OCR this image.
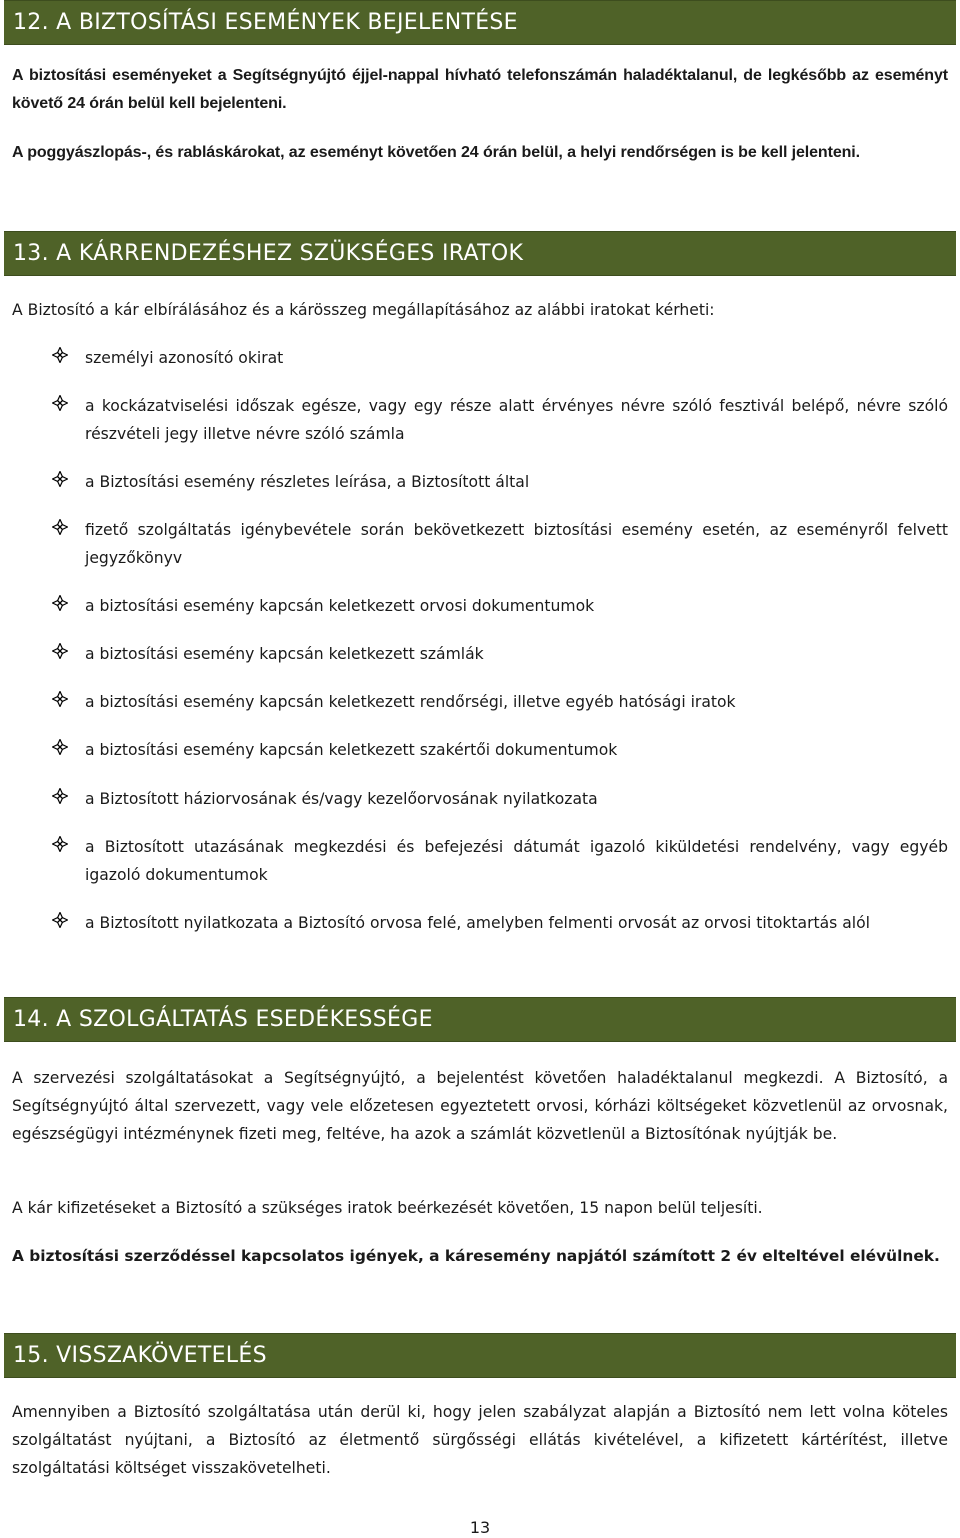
12. A BIZTOSÍTÁSI ESEMÉNYEK BEJELENTÉSE

A biztosítási eseményeket a Segítségnyújtó éjjel-nappal hívható telefonszámán haladéktalanul, de legkésőbb az eseményt követő 24 órán belül kell bejelenteni.

A poggyászlopás-, és rabláskárokat, az eseményt követően 24 órán belül, a helyi rendőrségen is be kell jelenteni.

13. A KÁRRENDEZÉSHEZ SZÜKSÉGES IRATOK

A Biztosító a kár elbírálásához és a kárösszeg megállapításához az alábbi iratokat kérheti:

személyi azonosító okirat

a kockázatviselési időszak egésze, vagy egy része alatt érvényes névre szóló fesztivál belépő, névre szóló részvételi jegy illetve névre szóló számla

a Biztosítási esemény részletes leírása, a Biztosított által

fizető szolgáltatás igénybevétele során bekövetkezett biztosítási esemény esetén, az eseményről felvett jegyzőkönyv

a biztosítási esemény kapcsán keletkezett orvosi dokumentumok

a biztosítási esemény kapcsán keletkezett számlák

a biztosítási esemény kapcsán keletkezett rendőrségi, illetve egyéb hatósági iratok

a biztosítási esemény kapcsán keletkezett szakértői dokumentumok

a Biztosított háziorvosának és/vagy kezelőorvosának nyilatkozata

a Biztosított utazásának megkezdési és befejezési dátumát igazoló kiküldetési rendelvény, vagy egyéb igazoló dokumentumok

a Biztosított nyilatkozata a Biztosító orvosa felé, amelyben felmenti orvosát az orvosi titoktartás alól

14. A SZOLGÁLTATÁS ESEDÉKESSÉGE

A szervezési szolgáltatásokat a Segítségnyújtó, a bejelentést követően haladéktalanul megkezdi. A Biztosító, a Segítségnyújtó által szervezett, vagy vele előzetesen egyeztetett orvosi, kórházi költségeket közvetlenül az orvosnak, egészségügyi intézménynek fizeti meg, feltéve, ha azok a számlát közvetlenül a Biztosítónak nyújtják be.

A kár kifizetéseket a Biztosító a szükséges iratok beérkezését követően, 15 napon belül teljesíti.

A biztosítási szerződéssel kapcsolatos igények, a káresemény napjától számított 2 év elteltével elévülnek.

15. VISSZAKÖVETELÉS

Amennyiben a Biztosító szolgáltatása után derül ki, hogy jelen szabályzat alapján a Biztosító nem lett volna köteles szolgáltatást nyújtani, a Biztosító az életmentő sürgősségi ellátás kivételével, a kifizetett kártérítést, illetve szolgáltatási költséget visszakövetelheti.

13
